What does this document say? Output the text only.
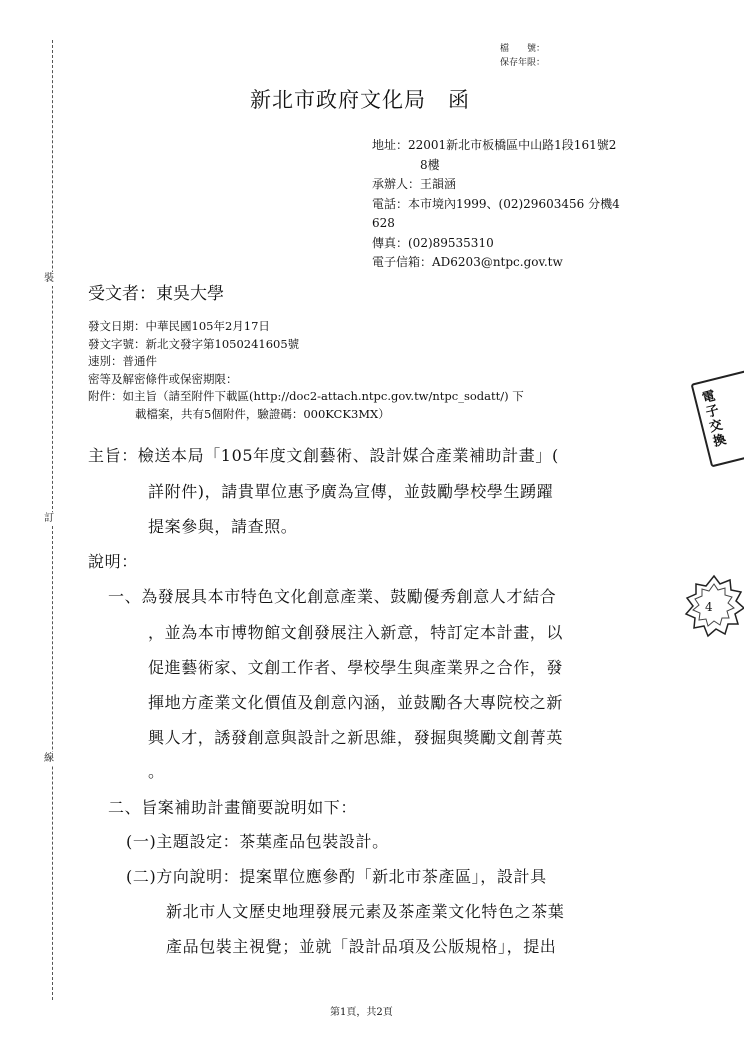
裝
訂
線
檔　　號：
保存年限：
新北市政府文化局　函
地址：22001新北市板橋區中山路1段161號2
8樓
承辦人：王韻涵
電話：本市境內1999、(02)29603456 分機4
628
傳真：(02)89535310
電子信箱：AD6203@ntpc.gov.tw
受文者：東吳大學
發文日期：中華民國105年2月17日
發文字號：新北文發字第1050241605號
速別：普通件
密等及解密條件或保密期限：
附件：如主旨（請至附件下載區(http://doc2-attach.ntpc.gov.tw/ntpc_sodatt/) 下
載檔案，共有5個附件，驗證碼：000KCK3MX）
主旨：檢送本局「105年度文創藝術、設計媒合產業補助計畫」(
詳附件)，請貴單位惠予廣為宣傳，並鼓勵學校學生踴躍
提案參與，請查照。
說明：
一、為發展具本市特色文化創意產業、鼓勵優秀創意人才結合
，並為本市博物館文創發展注入新意，特訂定本計畫，以
促進藝術家、文創工作者、學校學生與產業界之合作，發
揮地方產業文化價值及創意內涵，並鼓勵各大專院校之新
興人才，誘發創意與設計之新思維，發掘與獎勵文創菁英
。
二、旨案補助計畫簡要說明如下：
(一)主題設定：茶葉產品包裝設計。
(二)方向說明：提案單位應參酌「新北市茶產區」，設計具
新北市人文歷史地理發展元素及茶產業文化特色之茶葉
產品包裝主視覺；並就「設計品項及公版規格」，提出
第1頁，共2頁
電子交換
4
